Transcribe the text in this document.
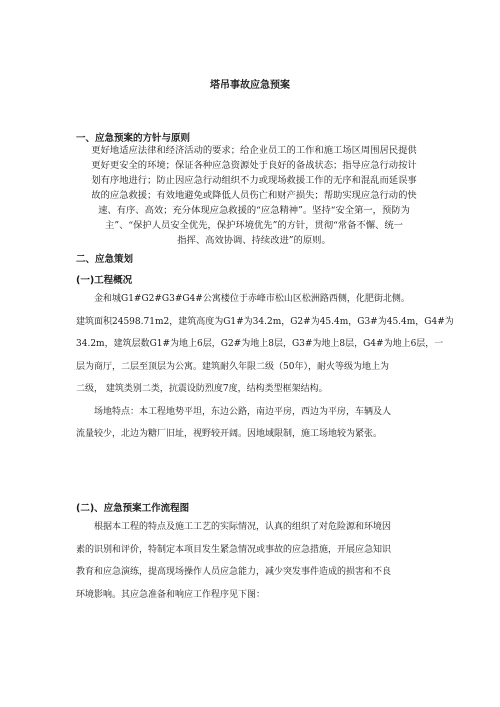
塔吊事故应急预案
一、应急预案的方针与原则
更好地适应法律和经济活动的要求；给企业员工的工作和施工场区周围居民提供
更好更安全的环境；保证各种应急资源处于良好的备战状态；指导应急行动按计
划有序地进行；防止因应急行动组织不力或现场救援工作的无序和混乱而延误事
故的应急救援；有效地避免或降低人员伤亡和财产损失；帮助实现应急行动的快
速、有序、高效；充分体现应急救援的“应急精神”。坚持“安全第一，预防为
主”、“保护人员安全优先，保护环境优先”的方针，贯彻“常备不懈、统一
指挥、高效协调、持续改进”的原则。
二、应急策划
(一)工程概况
金和城G1#G2#G3#G4#公寓楼位于赤峰市松山区松洲路西侧，化肥街北侧。
建筑面积24598.71m2，建筑高度为G1#为34.2m，G2#为45.4m，G3#为45.4m，G4#为
34.2m，建筑层数G1#为地上6层，G2#为地上8层，G3#为地上8层，G4#为地上6层，一
层为商厅，二层至顶层为公寓。建筑耐久年限二级（50年），耐火等级为地上为
二级， 建筑类别二类，抗震设防烈度7度，结构类型框架结构。
场地特点：本工程地势平坦，东边公路，南边平房，西边为平房，车辆及人
流量较少，北边为糖厂旧址，视野较开阔。因地域限制，施工场地较为紧张。
(二)、应急预案工作流程图
根据本工程的特点及施工工艺的实际情况，认真的组织了对危险源和环境因
素的识别和评价，特制定本项目发生紧急情况或事故的应急措施，开展应急知识
教育和应急演练，提高现场操作人员应急能力，减少突发事件造成的损害和不良
环境影响。其应急准备和响应工作程序见下图：
